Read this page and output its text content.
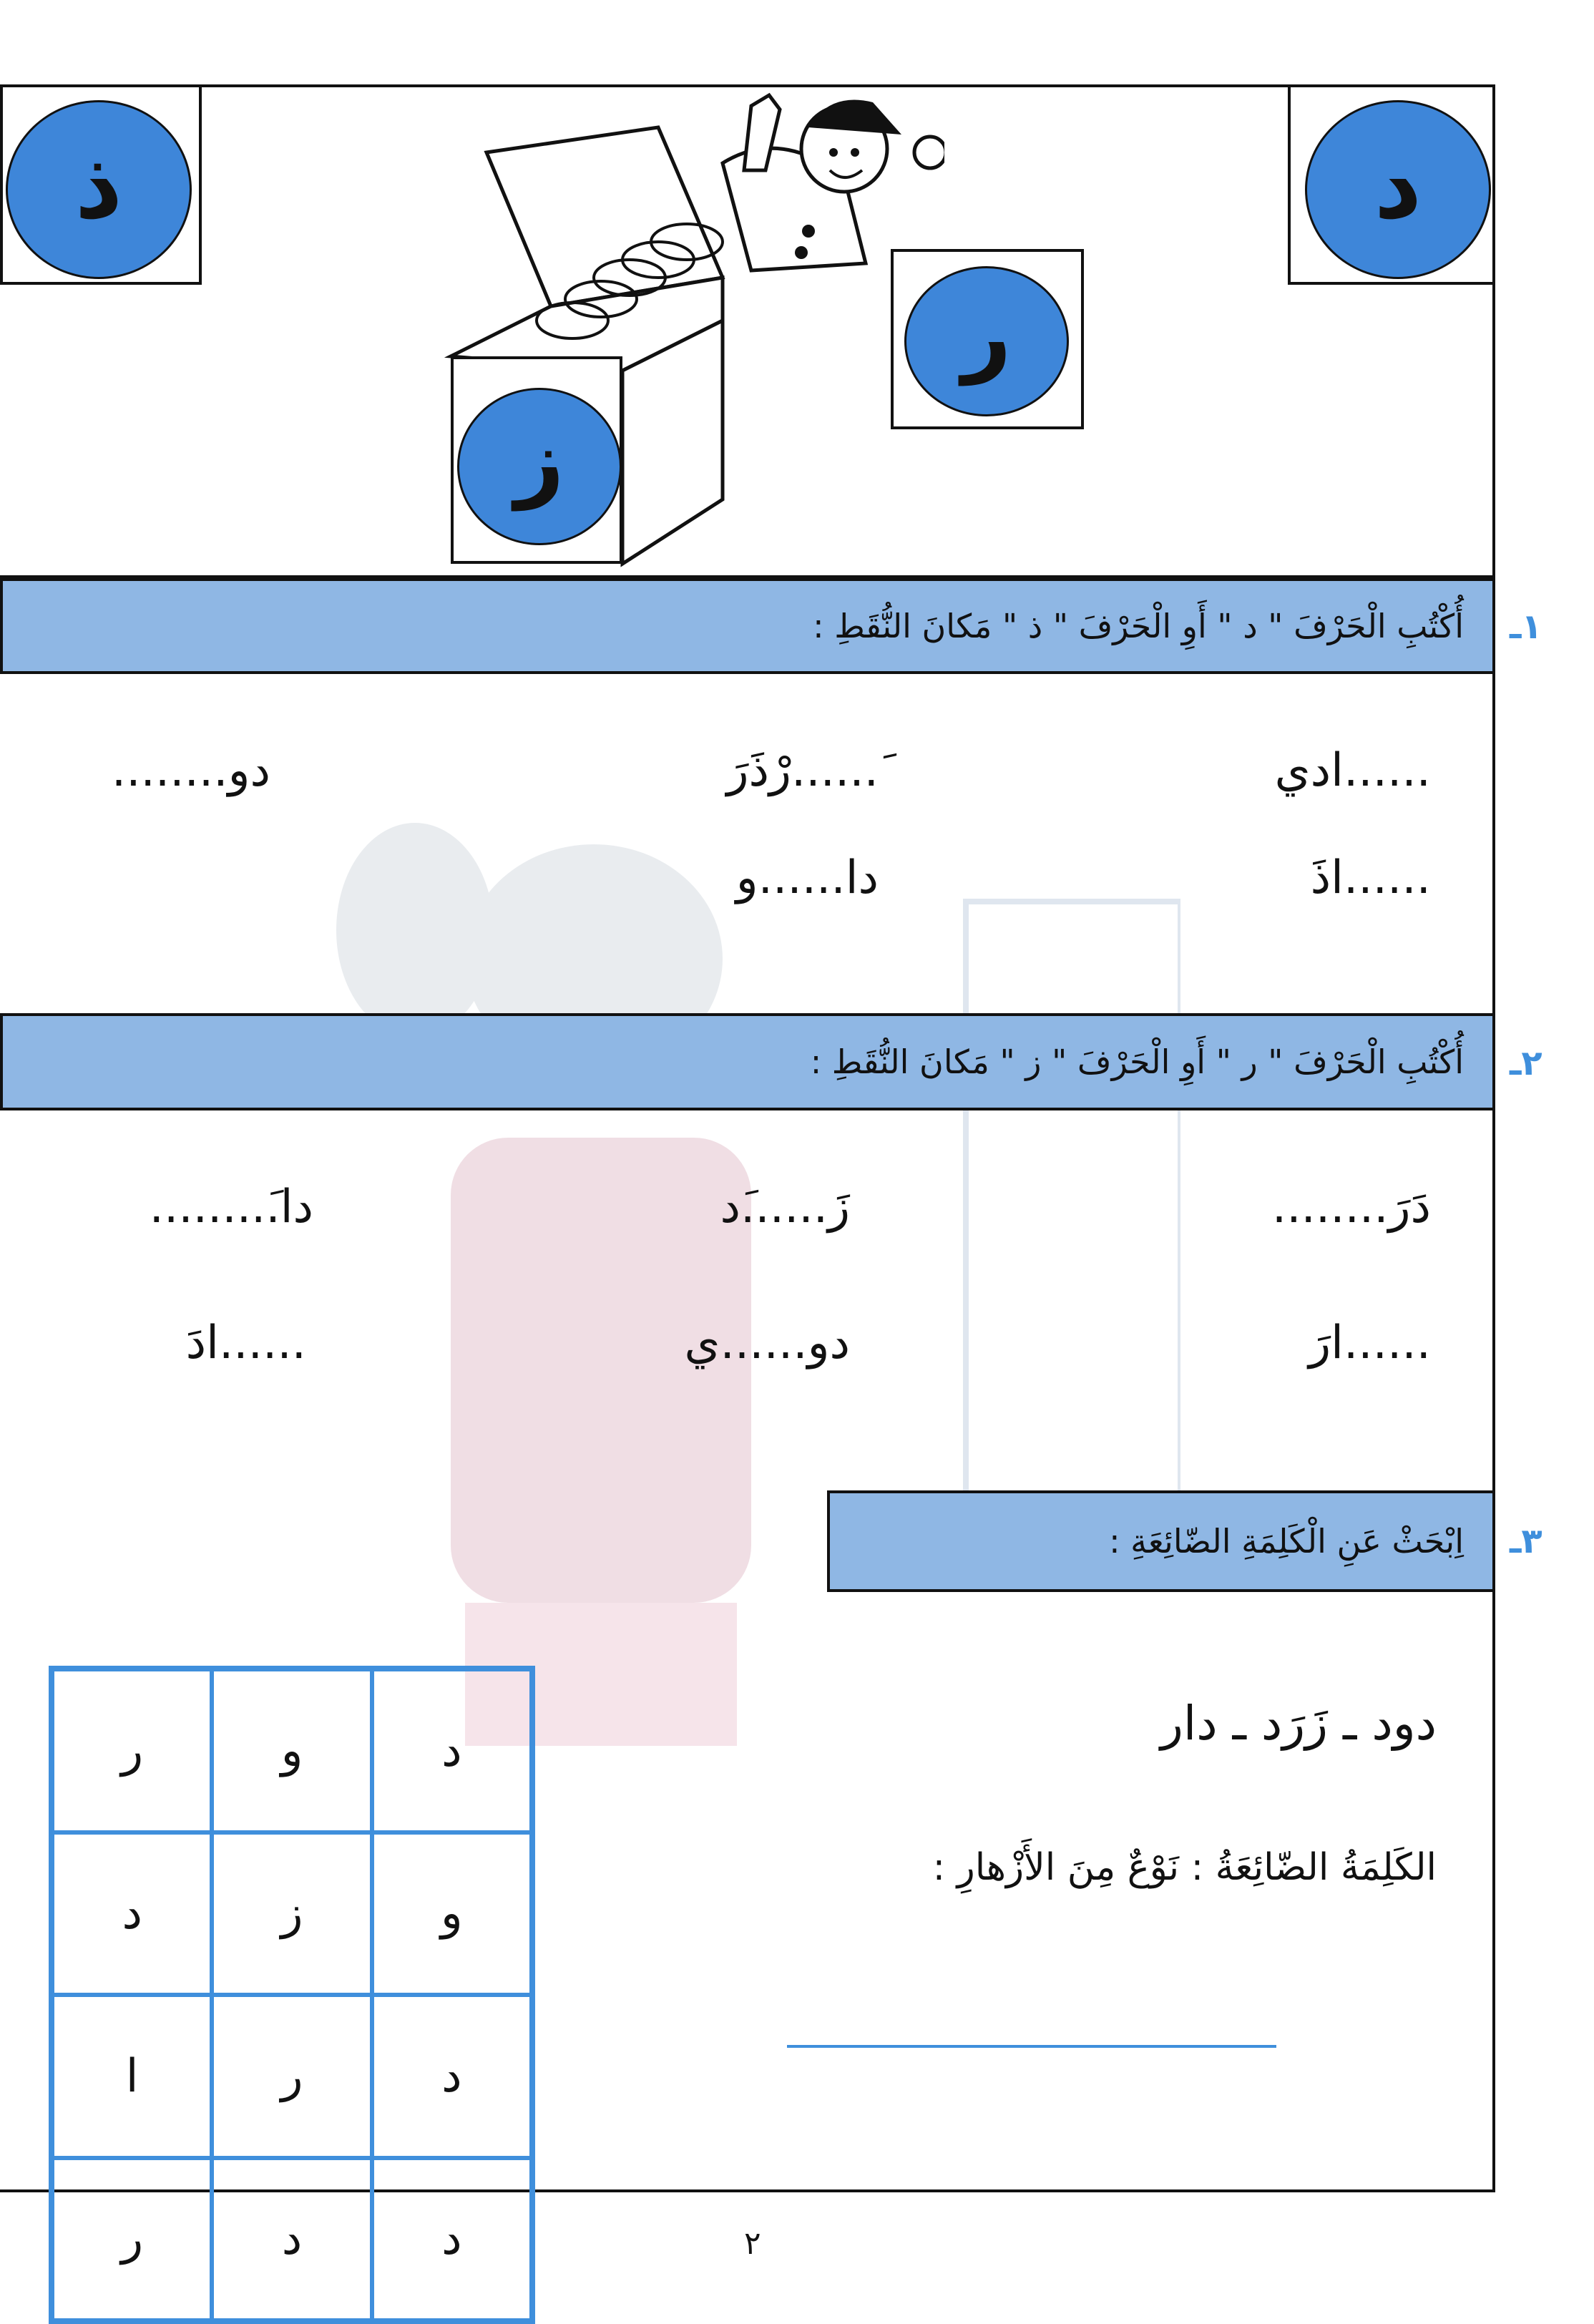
ذ	د
ز
ر
أُكْتُبِ الْحَرْفَ " د " أَوِ الْحَرْفَ " ذ " مَكانَ النُّقَطِ : ١ـ
......ادي
َ......رْذَرَ
دو........
......اذَ
دا......و
أُكْتُبِ الْحَرْفَ " ر " أَوِ الْحَرْفَ " ز " مَكانَ النُّقَطِ : ٢ـ
دَرَ........
زَ......َد
دا.َ........
......ارَ
دو......ي
......ادَ
اِبْحَثْ عَنِ الْكَلِمَةِ الضّائِعَةِ : ٣ـ
دود ـ زَرَد ـ دار
الكَلِمَةُ الضّائِعَةُ : نَوْعٌ مِنَ الأَزْهارِ :
د
و
ر
و
ز
د
د
ر
ا
د
د
ر	٢
